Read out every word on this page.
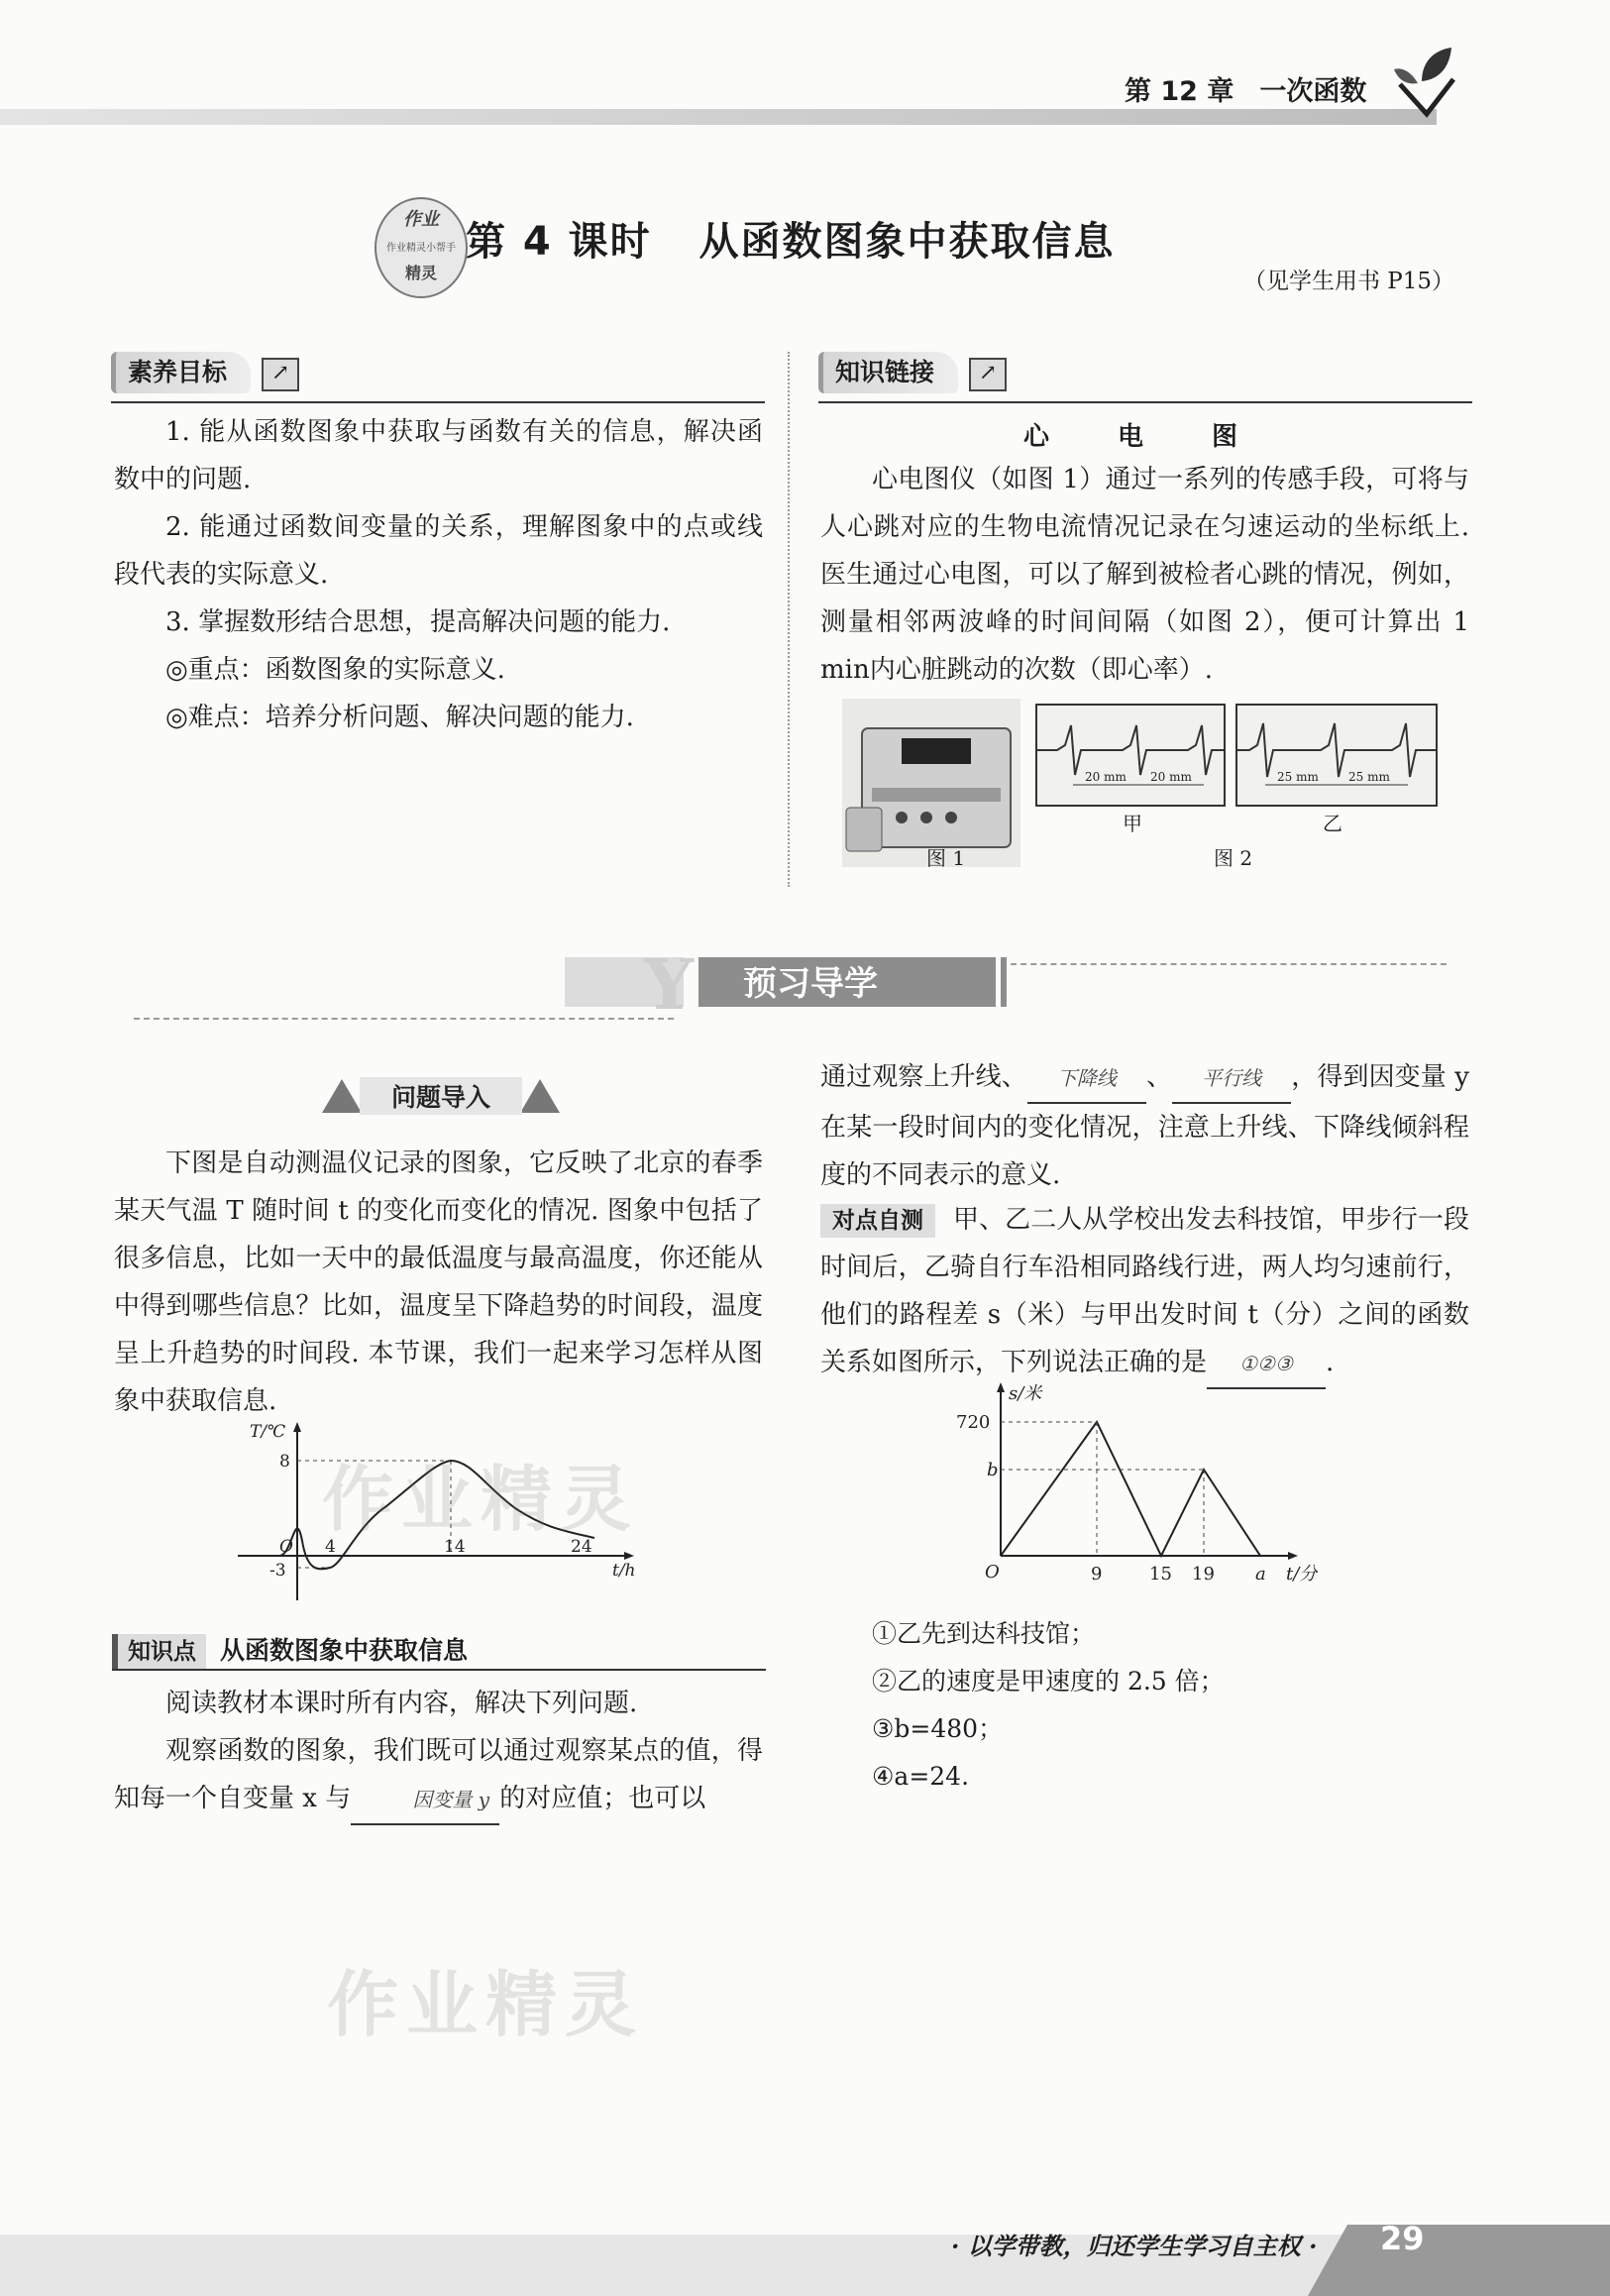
第 12 章 一次函数
作业
作业精灵小帮手
精灵
第 4 课时 从函数图象中获取信息
（见学生用书 P15）
素养目标 ↗

1. 能从函数图象中获取与函数有关的信息，解决函数中的问题.

2. 能通过函数间变量的关系，理解图象中的点或线段代表的实际意义.

3. 掌握数形结合思想，提高解决问题的能力.

◎重点：函数图象的实际意义.

◎难点：培养分析问题、解决问题的能力.

知识链接 ↗
心 电 图

心电图仪（如图 1）通过一系列的传感手段，可将与人心跳对应的生物电流情况记录在匀速运动的坐标纸上. 医生通过心电图，可以了解到被检者心跳的情况，例如，测量相邻两波峰的时间间隔（如图 2），便可计算出 1 min内心脏跳动的次数（即心率）.

图 1
20 mm 20 mm	25 mm	25 mm
甲	乙
图 2
Y 预习导学
问题导入

下图是自动测温仪记录的图象，它反映了北京的春季某天气温 T 随时间 t 的变化而变化的情况. 图象中包括了很多信息，比如一天中的最低温度与最高温度，你还能从中得到哪些信息？比如，温度呈下降趋势的时间段，温度呈上升趋势的时间段. 本节课，我们一起来学习怎样从图象中获取信息.

T/℃
8
-3
O 4	14	24
t/h
作业精灵
知识点 从函数图象中获取信息

阅读教材本课时所有内容，解决下列问题.

观察函数的图象，我们既可以通过观察某点的值，得知每一个自变量 x 与	因变量 y 的对应值；也可以

作业精灵

通过观察上升线、 下降线 、 平行线 ，得到因变量 y 在某一段时间内的变化情况，注意上升线、下降线倾斜程度的不同表示的意义.

对点自测 甲、乙二人从学校出发去科技馆，甲步行一段时间后，乙骑自行车沿相同路线行进，两人均匀速前行，他们的路程差 s（米）与甲出发时间 t（分）之间的函数关系如图所示，下列说法正确的是 ①②③ .

s/米
720
b
O	9	15 19 a t/分
①乙先到达科技馆；
②乙的速度是甲速度的 2.5 倍；
③b=480；
④a=24.
· 以学带教，归还学生学习自主权 · 29
